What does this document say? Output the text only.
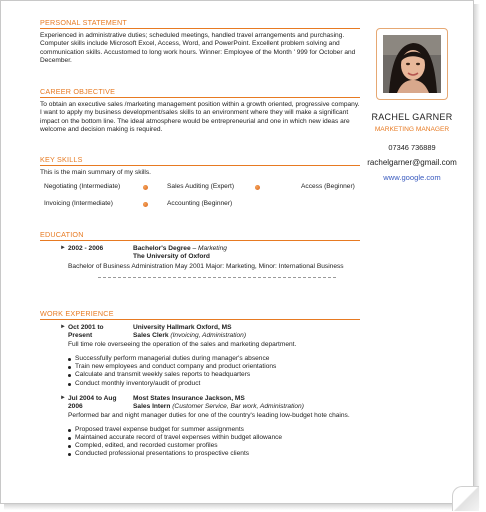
PERSONAL STATEMENT

Experienced in administrative duties; scheduled meetings, handled travel arrangements and purchasing. Computer skills include Microsoft Excel, Access, Word, and PowerPoint. Excellent problem solving and communication skills. Accustomed to long work hours. Winner: Employee of the Month ' 999 for October and December.

CAREER OBJECTIVE

To obtain an executive sales /marketing management position within a growth oriented, progressive company. I want to apply my business development/sales skills to an environment where they will make a significant impact on the bottom line. The ideal atmosphere would be entrepreneurial and one in which new ideas are welcome and decision making is required.

KEY SKILLS

This is the main summary of my skills.

Negotiating (Intermediate)	Sales Auditing (Expert)	Access (Beginner)
Invoicing (Intermediate)	Accounting (Beginner)
EDUCATION
► 2002 - 2006	Bachelor's Degree – Marketing
The University of Oxford

Bachelor of Business Administration May 2001 Major: Marketing, Minor: International Business

WORK EXPERIENCE
► Oct 2001 to	University Hallmark Oxford, MS
Present	Sales Clerk (Invoicing, Administration)

Full time role overseeing the operation of the sales and marketing department.

Successfully perform managerial duties during manager's absence
Train new employees and conduct company and product orientations
Calculate and transmit weekly sales reports to headquarters
Conduct monthly inventory/audit of product
► Jul 2004 to Aug	Most States Insurance Jackson, MS
2006	Sales Intern (Customer Service, Bar work, Administration)

Performed bar and night manager duties for one of the country's leading low-budget hote chains.

Proposed travel expense budget for summer assignments
Maintained accurate record of travel expenses within budget allowance
Compled, edited, and recorded customer profiles
Conducted professional presentations to prospective clients
RACHEL GARNER
MARKETING MANAGER
07346 736889
rachelgarner@gmail.com
www.google.com
